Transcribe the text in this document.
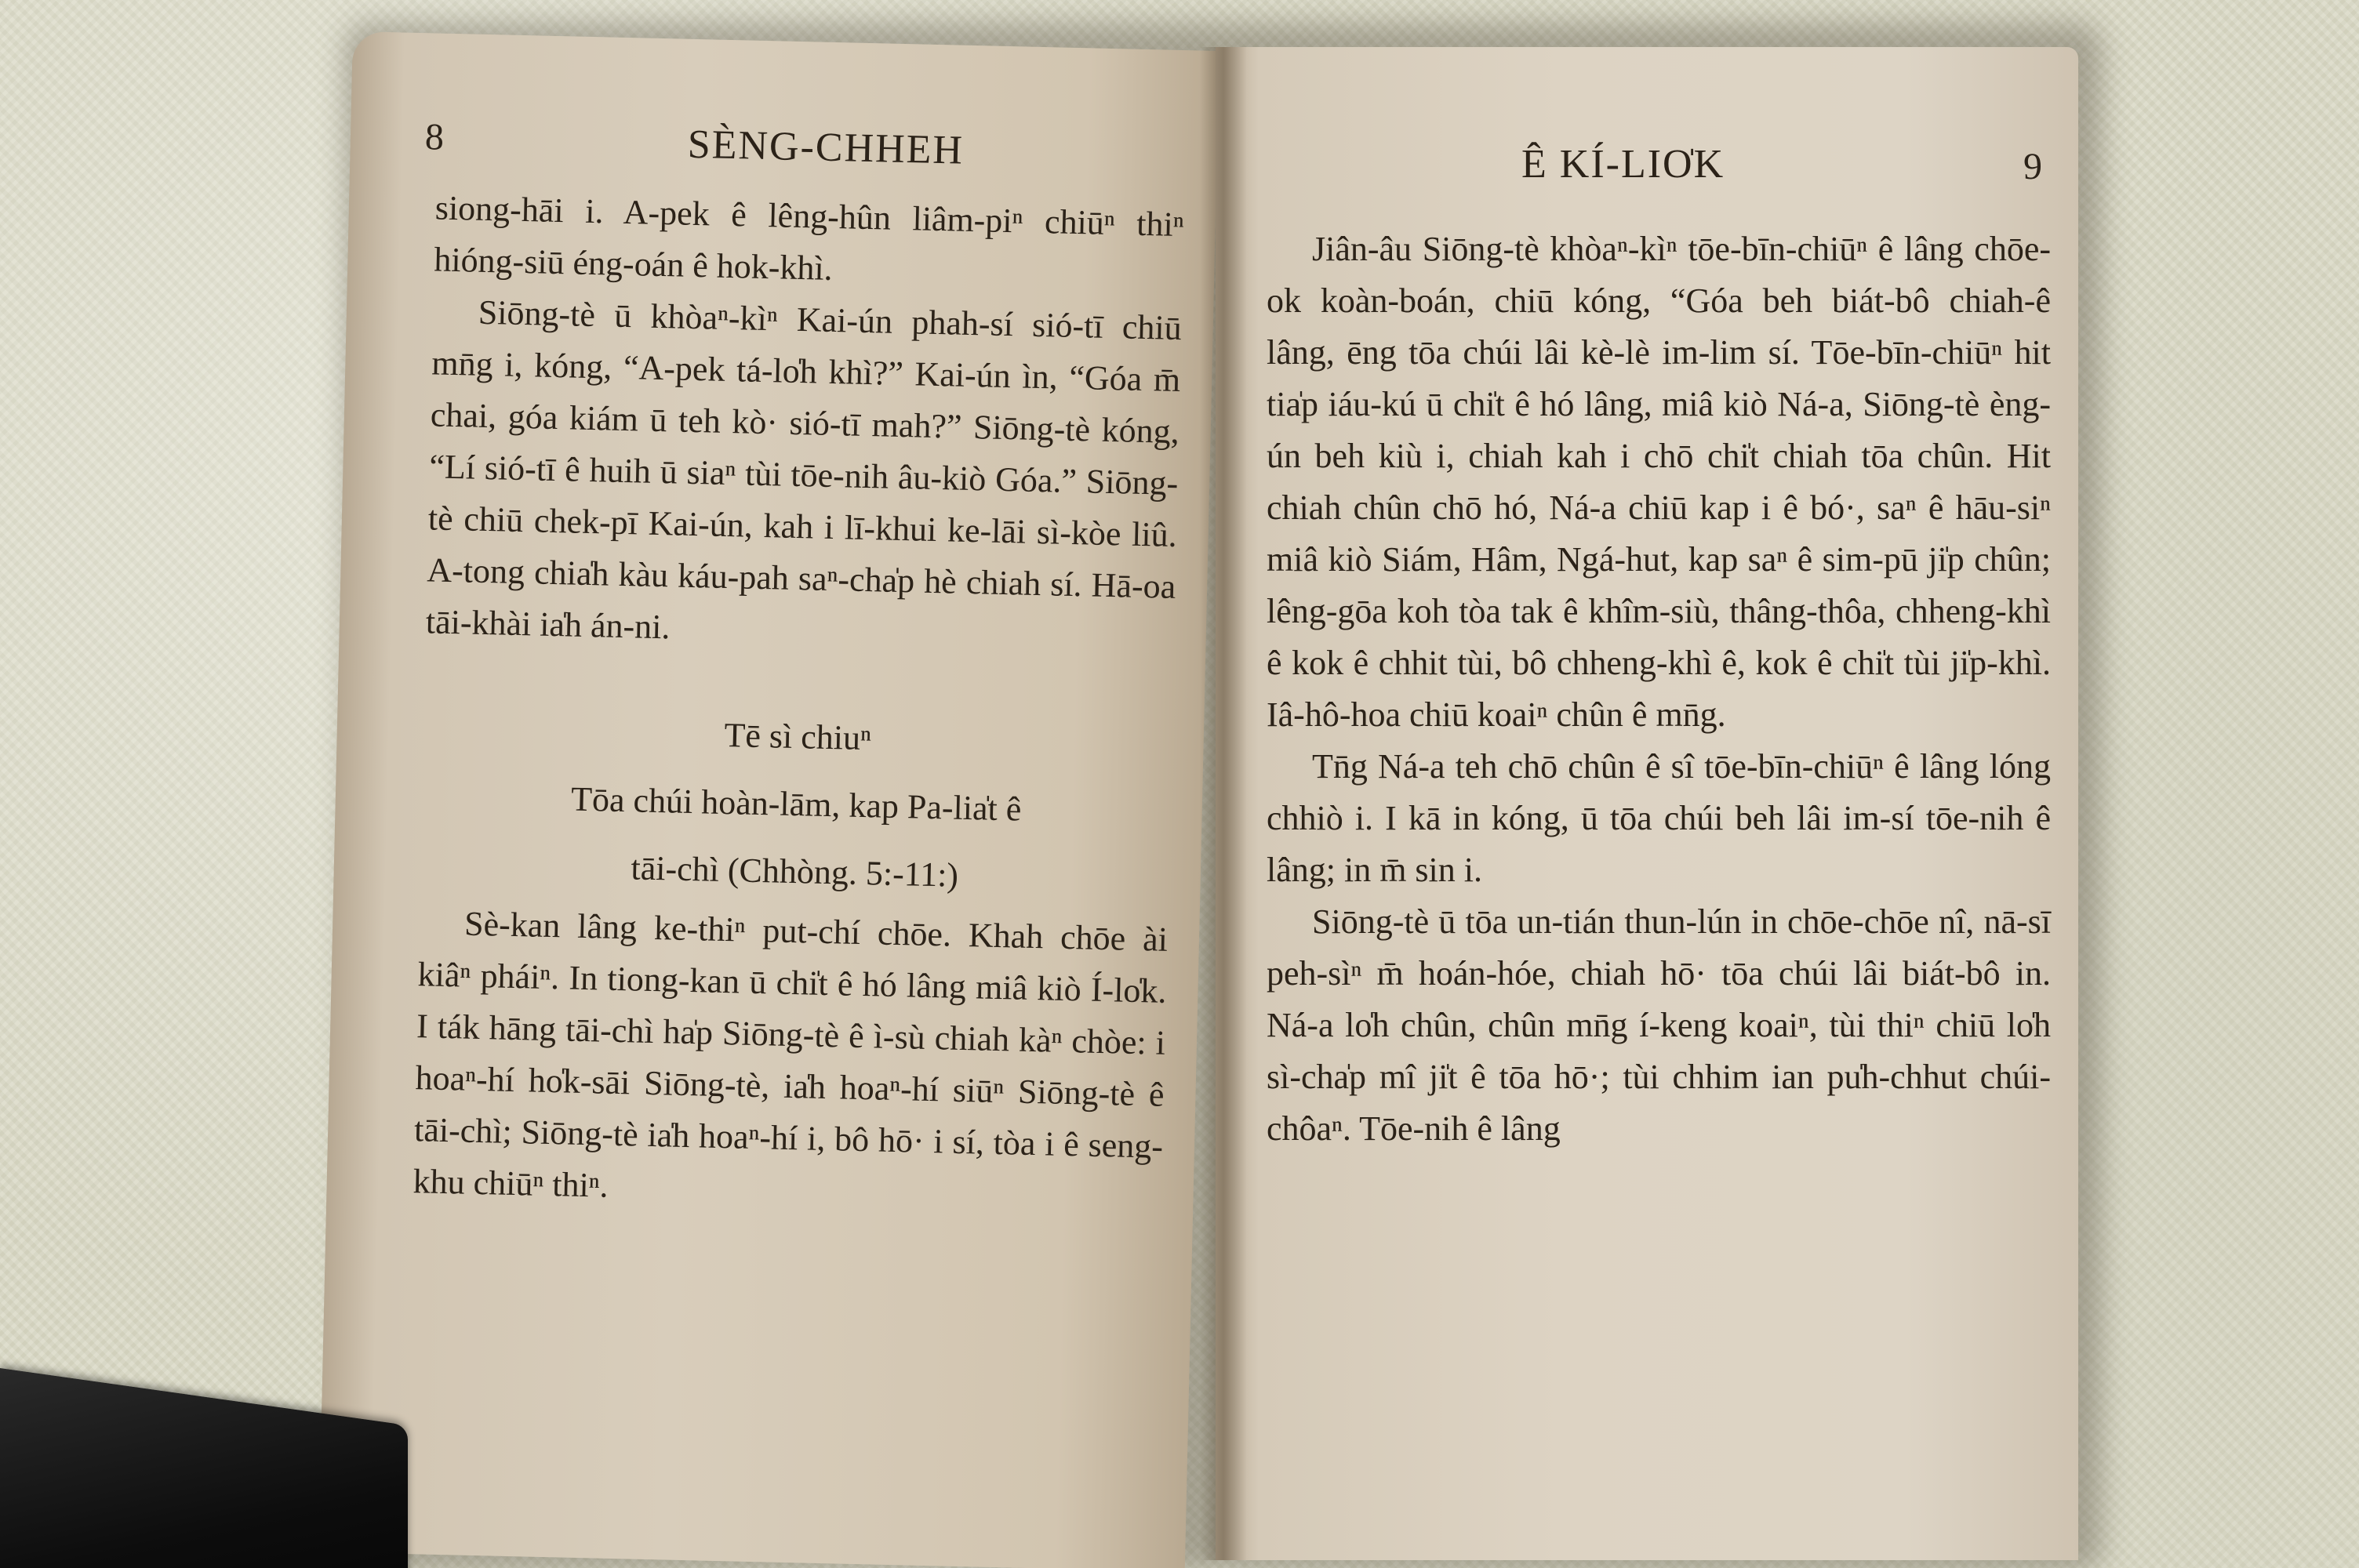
8	SÈNG-CHHEH

siong-hāi i. A-pek ê lêng-hûn liâm-piⁿ chiūⁿ thiⁿ hióng-siū éng-oán ê hok-khì.

Siōng-tè ū khòaⁿ-kìⁿ Kai-ún phah-sí sió-tī chiū mn̄g i, kóng, “A-pek tá-lo̍h khì?” Kai-ún ìn, “Góa m̄ chai, góa kiám ū teh kò· sió-tī mah?” Siōng-tè kóng, “Lí sió-tī ê huih ū siaⁿ tùi tōe-nih âu-kiò Góa.” Siōng-tè chiū chek-pī Kai-ún, kah i lī-khui ke-lāi sì-kòe liû. A-tong chia̍h kàu káu-pah saⁿ-cha̍p hè chiah sí. Hā-oa tāi-khài ia̍h án-ni.

Tē sì chiuⁿ

Tōa chúi hoàn-lām, kap Pa-lia̍t ê

tāi-chì (Chhòng. 5:-11:)

Sè-kan lâng ke-thiⁿ put-chí chōe. Khah chōe ài kiâⁿ pháiⁿ. In tiong-kan ū chi̍t ê hó lâng miâ kiò Í-lo̍k. I ták hāng tāi-chì ha̍p Siōng-tè ê ì-sù chiah kàⁿ chòe: i hoaⁿ-hí ho̍k-sāi Siōng-tè, ia̍h hoaⁿ-hí siūⁿ Siōng-tè ê tāi-chì; Siōng-tè ia̍h hoaⁿ-hí i, bô hō· i sí, tòa i ê seng-khu chiūⁿ thiⁿ.

Ê KÍ-LIO̍K	9

Jiân-âu Siōng-tè khòaⁿ-kìⁿ tōe-bīn-chiūⁿ ê lâng chōe-ok koàn-boán, chiū kóng, “Góa beh biát-bô chiah-ê lâng, ēng tōa chúi lâi kè-lè im-lim sí. Tōe-bīn-chiūⁿ hit tia̍p iáu-kú ū chi̍t ê hó lâng, miâ kiò Ná-a, Siōng-tè èng-ún beh kiù i, chiah kah i chō chi̍t chiah tōa chûn. Hit chiah chûn chō hó, Ná-a chiū kap i ê bó·, saⁿ ê hāu-siⁿ miâ kiò Siám, Hâm, Ngá-hut, kap saⁿ ê sim-pū ji̍p chûn; lêng-gōa koh tòa tak ê khîm-siù, thâng-thôa, chheng-khì ê kok ê chhit tùi, bô chheng-khì ê, kok ê chi̍t tùi ji̍p-khì. Iâ-hô-hoa chiū koaiⁿ chûn ê mn̄g.

Tn̄g Ná-a teh chō chûn ê sî tōe-bīn-chiūⁿ ê lâng lóng chhiò i. I kā in kóng, ū tōa chúi beh lâi im-sí tōe-nih ê lâng; in m̄ sin i.

Siōng-tè ū tōa un-tián thun-lún in chōe-chōe nî, nā-sī peh-sìⁿ m̄ hoán-hóe, chiah hō· tōa chúi lâi biát-bô in. Ná-a lo̍h chûn, chûn mn̄g í-keng koaiⁿ, tùi thiⁿ chiū lo̍h sì-cha̍p mî ji̍t ê tōa hō·; tùi chhim ian pu̍h-chhut chúi-chôaⁿ. Tōe-nih ê lâng
